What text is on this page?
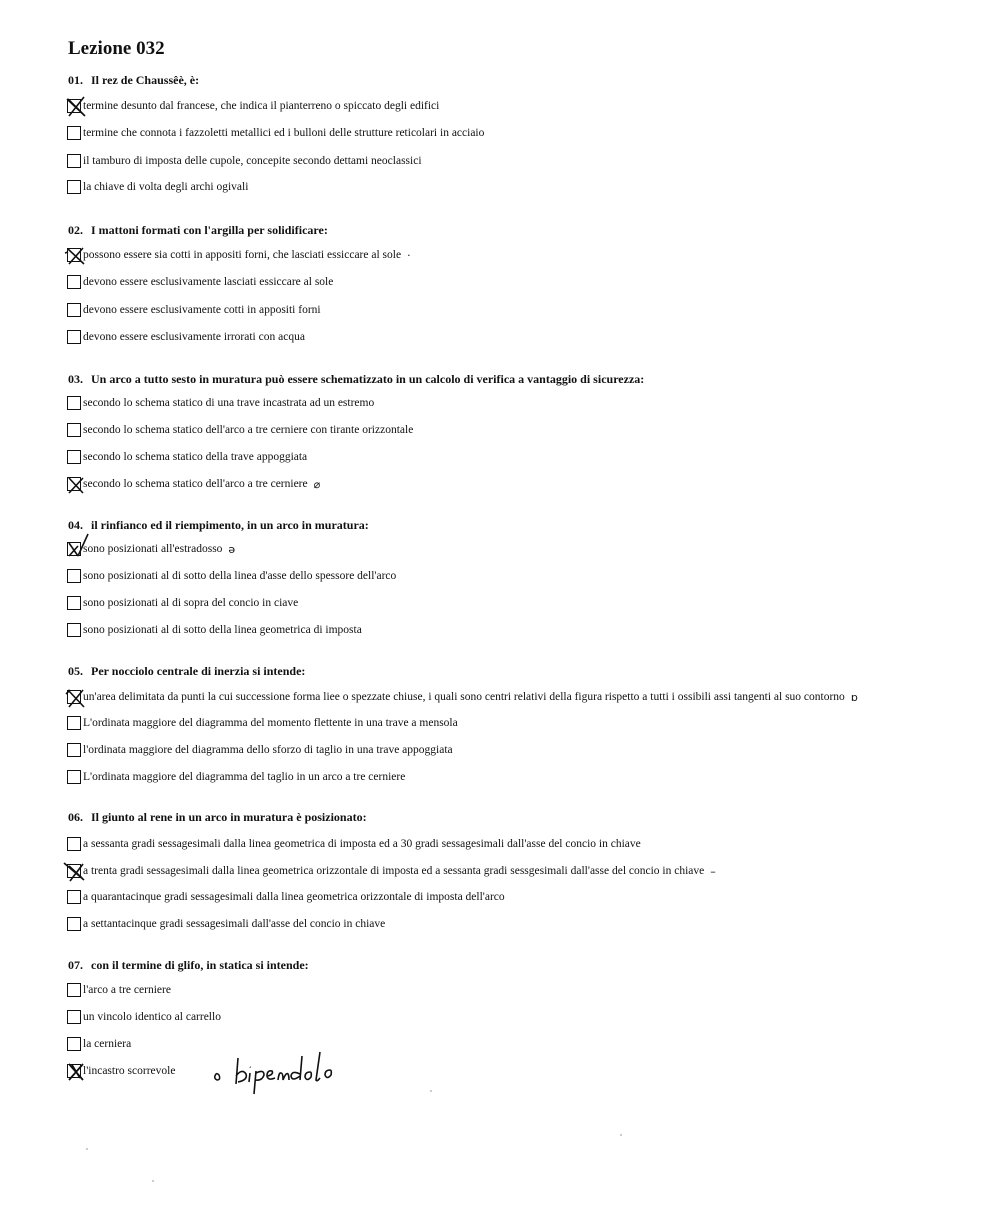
Lezione 032
01. Il rez de Chaussêè, è:
termine desunto dal francese, che indica il pianterreno o spiccato degli edifici
termine che connota i fazzoletti metallici ed i bulloni delle strutture reticolari in acciaio
il tamburo di imposta delle cupole, concepite secondo dettami neoclassici
la chiave di volta degli archi ogivali
02. I mattoni formati con l'argilla per solidificare:
possono essere sia cotti in appositi forni, che lasciati essiccare al sole ·
devono essere esclusivamente lasciati essiccare al sole
devono essere esclusivamente cotti in appositi forni
devono essere esclusivamente irrorati con acqua
03. Un arco a tutto sesto in muratura può essere schematizzato in un calcolo di verifica a vantaggio di sicurezza:
secondo lo schema statico di una trave incastrata ad un estremo
secondo lo schema statico dell'arco a tre cerniere con tirante orizzontale
secondo lo schema statico della trave appoggiata
secondo lo schema statico dell'arco a tre cerniere ⌀
04. il rinfianco ed il riempimento, in un arco in muratura:
sono posizionati all'estradosso ə
sono posizionati al di sotto della linea d'asse dello spessore dell'arco
sono posizionati al di sopra del concio in ciave
sono posizionati al di sotto della linea geometrica di imposta
05. Per nocciolo centrale di inerzia si intende:
un'area delimitata da punti la cui successione forma liee o spezzate chiuse, i quali sono centri relativi della figura rispetto a tutti i ossibili assi tangenti al suo contorno ɒ
L'ordinata maggiore del diagramma del momento flettente in una trave a mensola
l'ordinata maggiore del diagramma dello sforzo di taglio in una trave appoggiata
L'ordinata maggiore del diagramma del taglio in un arco a tre cerniere
06. Il giunto al rene in un arco in muratura è posizionato:
a sessanta gradi sessagesimali dalla linea geometrica di imposta ed a 30 gradi sessagesimali dall'asse del concio in chiave
a trenta gradi sessagesimali dalla linea geometrica orizzontale di imposta ed a sessanta gradi sessgesimali dall'asse del concio in chiave –
a quarantacinque gradi sessagesimali dalla linea geometrica orizzontale di imposta dell'arco
a settantacinque gradi sessagesimali dall'asse del concio in chiave
07. con il termine di glifo, in statica si intende:
l'arco a tre cerniere
un vincolo identico al carrello
la cerniera
l'incastro scorrevole
